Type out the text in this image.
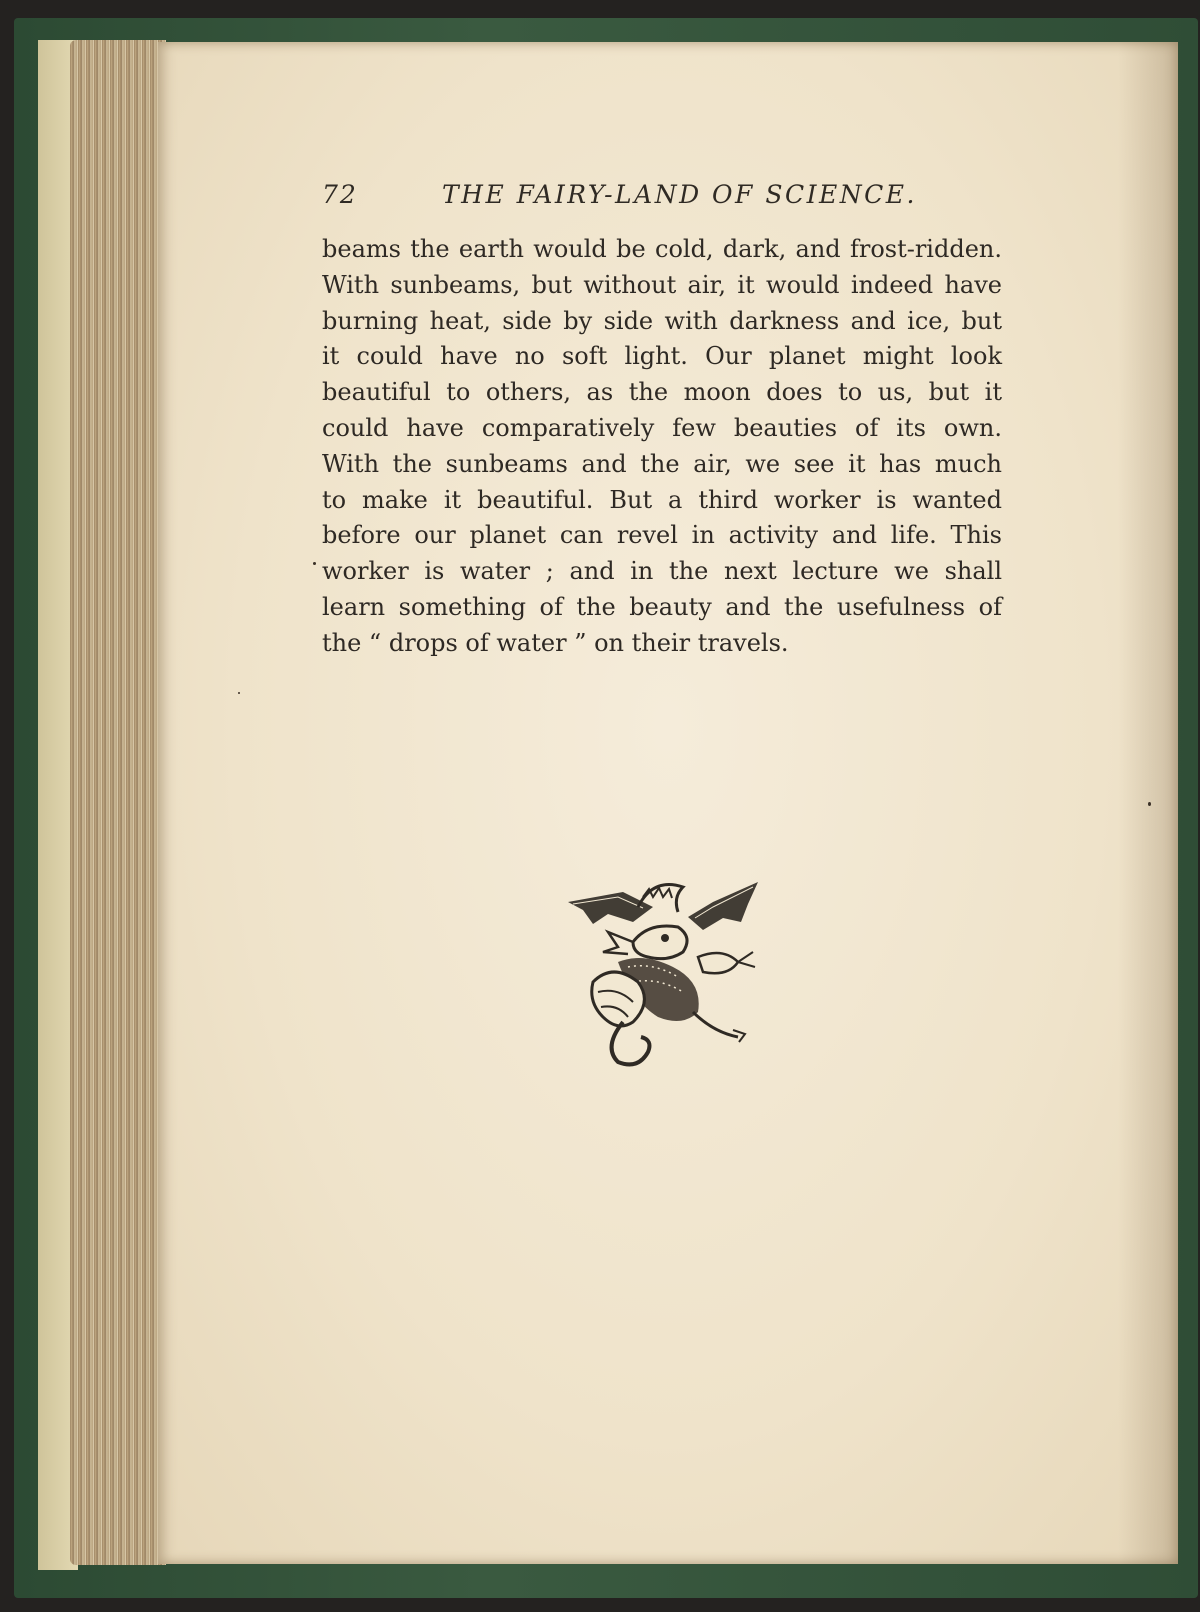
72	THE FAIRY-LAND OF SCIENCE.

beams the earth would be cold, dark, and frost-ridden.
With sunbeams, but without air, it would indeed have
burning heat, side by side with darkness and ice, but
it could have no soft light. Our planet might look
beautiful to others, as the moon does to us, but it
could have comparatively few beauties of its own.
With the sunbeams and the air, we see it has much
to make it beautiful. But a third worker is wanted
before our planet can revel in activity and life. This
worker is water ; and in the next lecture we shall
learn something of the beauty and the usefulness of
the “ drops of water ” on their travels.
